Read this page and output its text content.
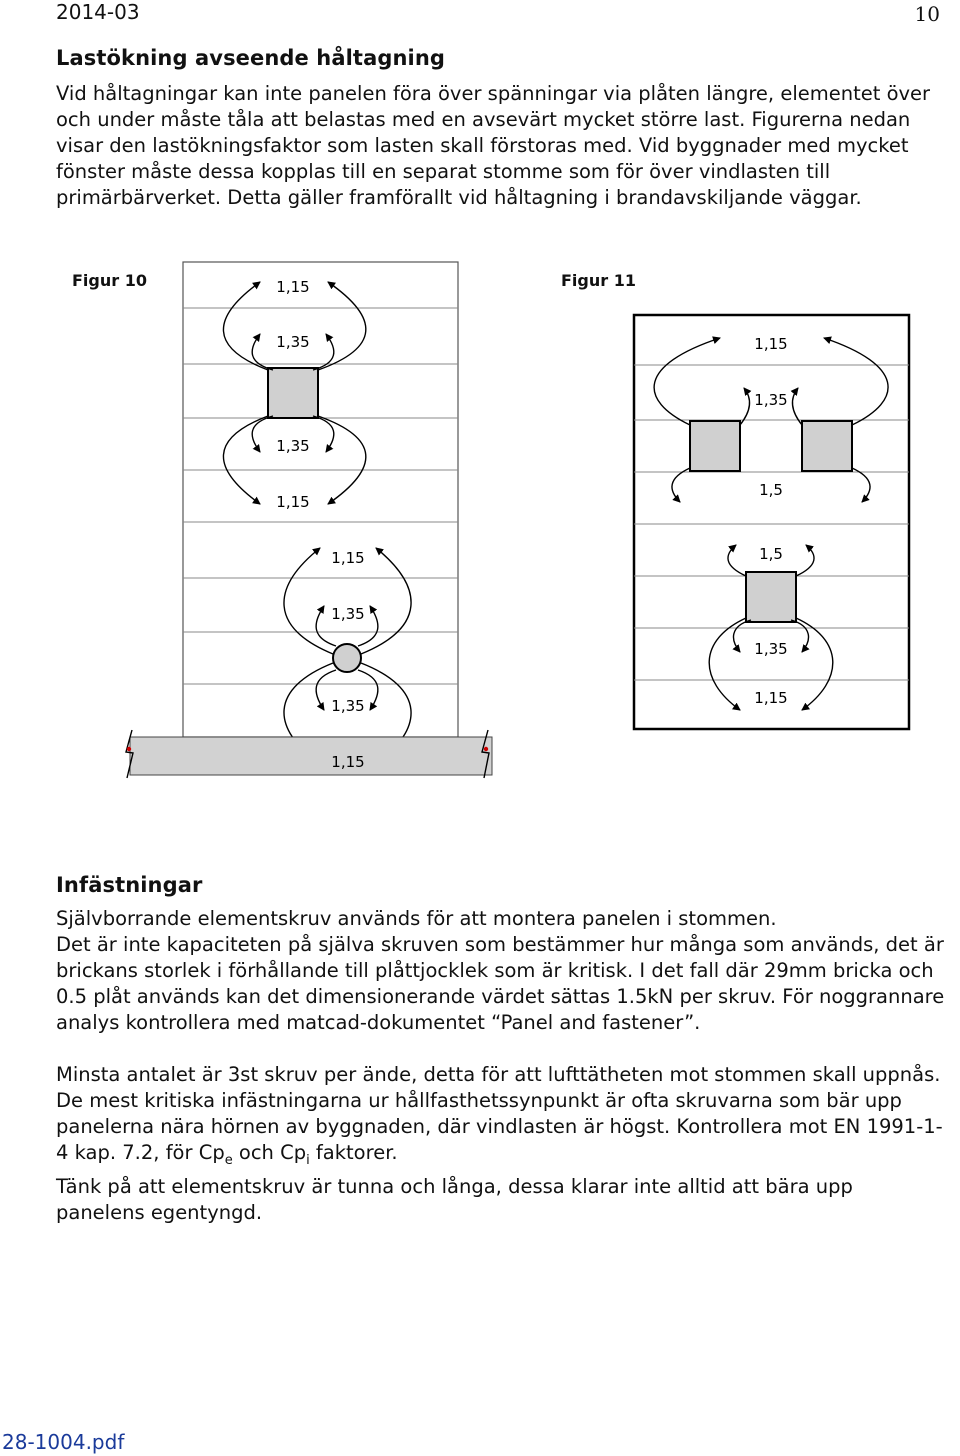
2014-03	10
Lastökning avseende håltagning

Vid håltagningar kan inte panelen föra över spänningar via plåten längre, elementet över och under måste tåla att belastas med en avsevärt mycket större last. Figurerna nedan visar den lastökningsfaktor som lasten skall förstoras med. Vid byggnader med mycket fönster måste dessa kopplas till en separat stomme som för över vindlasten till primärbärverket. Detta gäller framförallt vid håltagning i brandavskiljande väggar.

Figur 10	Figur 11
1,15
1,35
1,35
1,15
1,15
1,35
1,35
1,15
1,15
1,35
1,5
1,5
1,35
1,15
Infästningar

Självborrande elementskruv används för att montera panelen i stommen.

Det är inte kapaciteten på själva skruven som bestämmer hur många som används, det är brickans storlek i förhållande till plåttjocklek som är kritisk. I det fall där 29mm bricka och 0.5 plåt används kan det dimensionerande värdet sättas 1.5kN per skruv. För noggrannare analys kontrollera med matcad-dokumentet “Panel and fastener”.

Minsta antalet är 3st skruv per ände, detta för att lufttätheten mot stommen skall uppnås.

De mest kritiska infästningarna ur hållfasthetssynpunkt är ofta skruvarna som bär upp panelerna nära hörnen av byggnaden, där vindlasten är högst. Kontrollera mot EN 1991-1-4 kap. 7.2, för $Cp_e$ och $Cp_i$ faktorer.

Tänk på att elementskruv är tunna och långa, dessa klarar inte alltid att bära upp panelens egentyngd.

28-1004.pdf
